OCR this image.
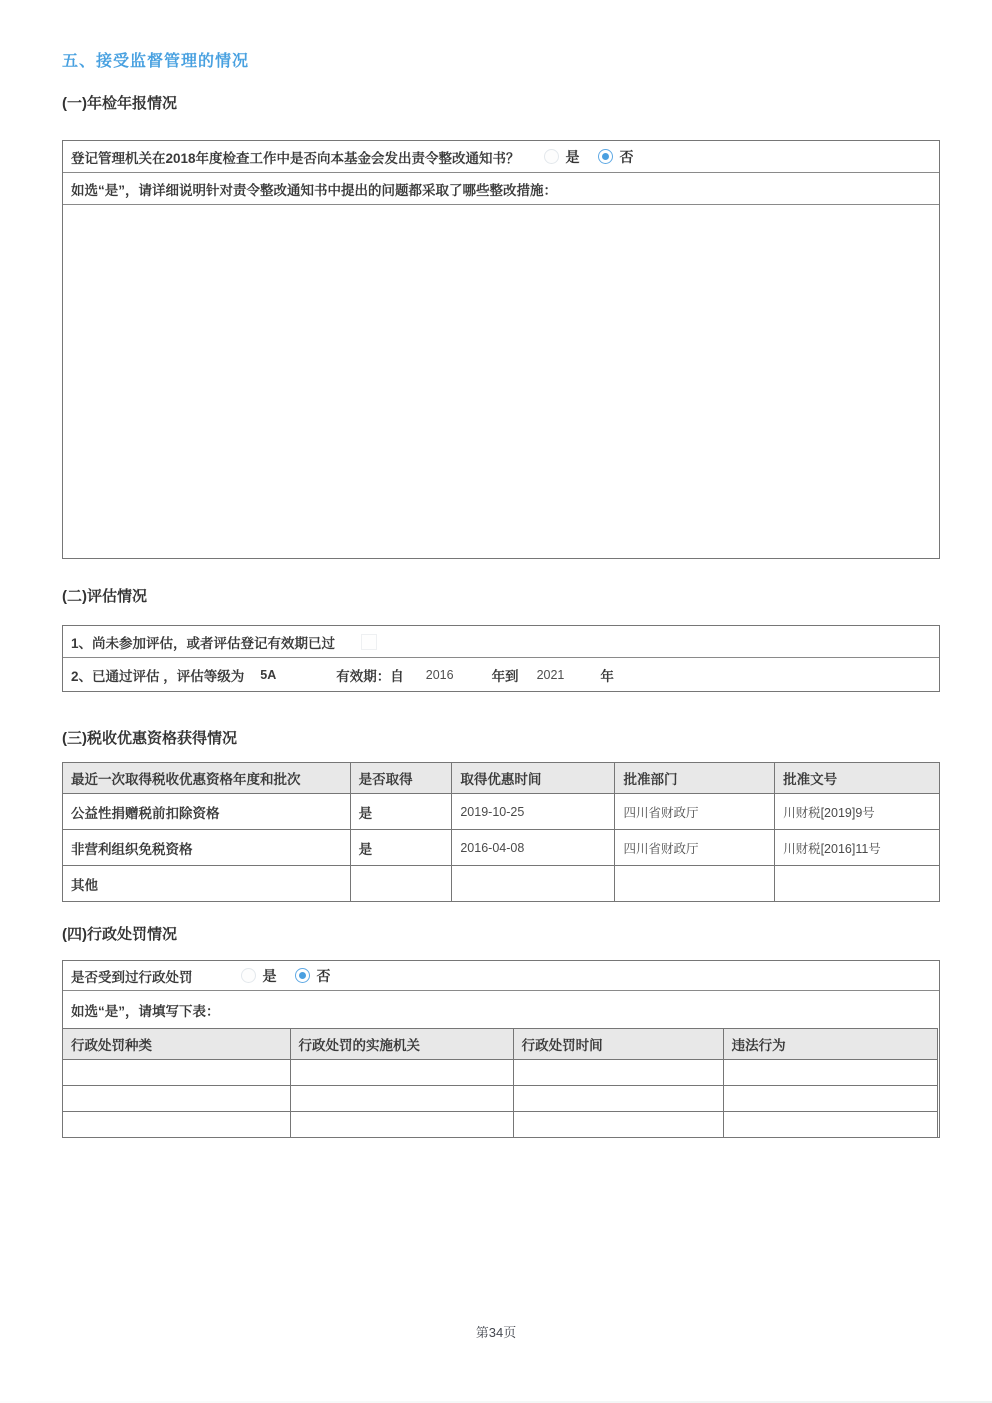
五、接受监督管理的情况
(一)年检年报情况
登记管理机关在2018年度检查工作中是否向本基金会发出责令整改通知书？	是	否
如选“是”，请详细说明针对责令整改通知书中提出的问题都采取了哪些整改措施：
(二)评估情况
1、尚未参加评估，或者评估登记有效期已过
2、已通过评估 ，评估等级为 5A	有效期：自 2016	年到 2021	年
(三)税收优惠资格获得情况
最近一次取得税收优惠资格年度和批次	是否取得	取得优惠时间	批准部门	批准文号
公益性捐赠税前扣除资格	是	2019-10-25	四川省财政厅	川财税[2019]9号
非营利组织免税资格	是	2016-04-08	四川省财政厅	川财税[2016]11号
其他				
(四)行政处罚情况
是否受到过行政处罚	是	否
如选“是”，请填写下表：
行政处罚种类	行政处罚的实施机关	行政处罚时间	违法行为

第34页
